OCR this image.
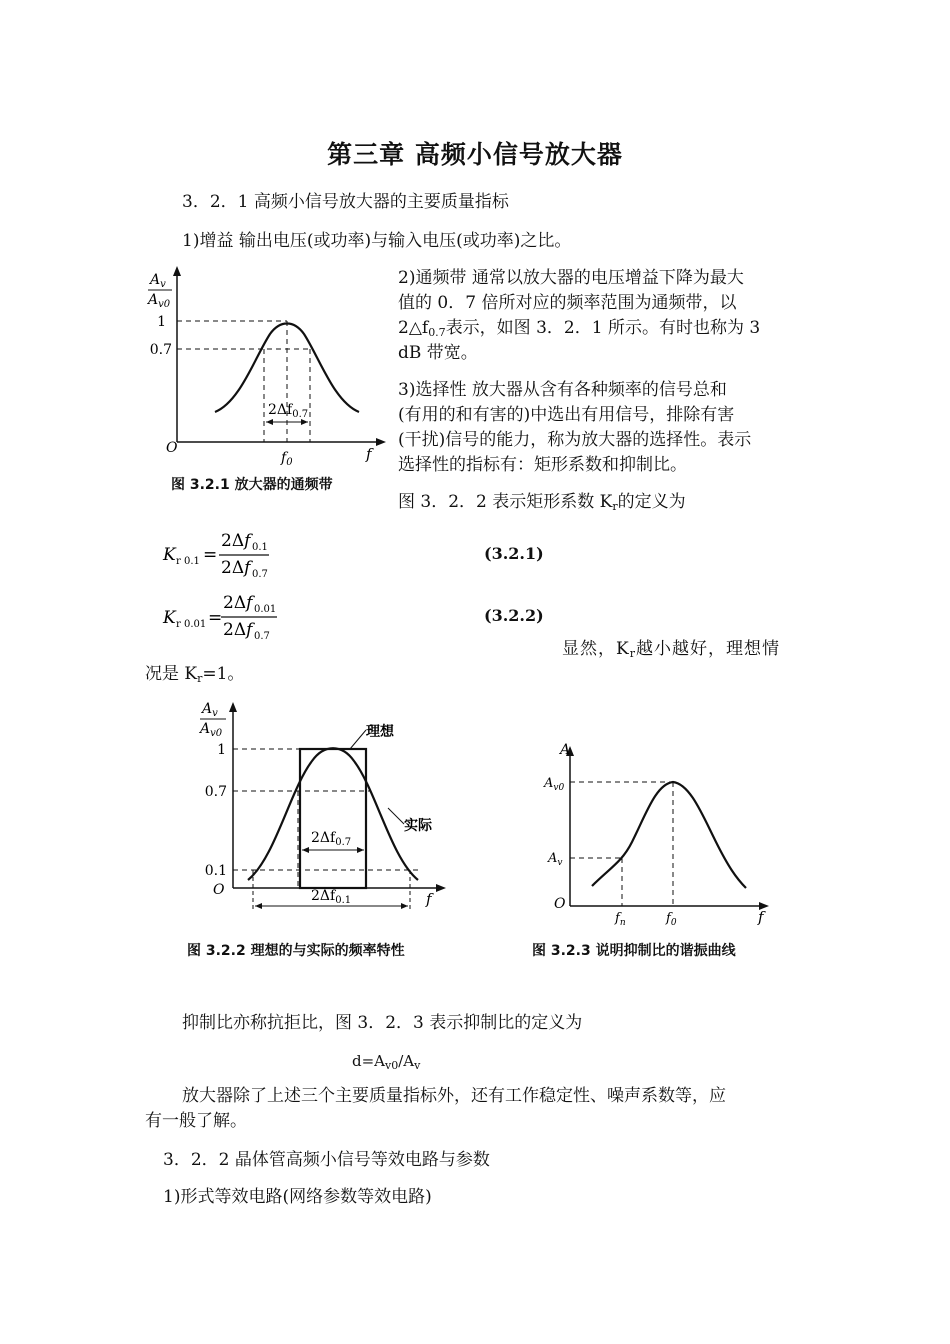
第三章 高频小信号放大器
3．2．1 高频小信号放大器的主要质量指标
1)增益 输出电压(或功率)与输入电压(或功率)之比。
$A_v$
$A_{v0}$
1
0.7
O	f
$f_0$
$2\Delta f_{0.7}$
图 3.2.1 放大器的通频带
2)通频带 通常以放大器的电压增益下降为最大
值的 0．7 倍所对应的频率范围为通频带，以
$2\triangle f_{0.7}$表示，如图 3．2．1 所示。有时也称为 3
dB 带宽。
3)选择性 放大器从含有各种频率的信号总和
(有用的和有害的)中选出有用信号，排除有害
(干扰)信号的能力，称为放大器的选择性。表示
选择性的指标有：矩形系数和抑制比。
图 3．2．2 表示矩形系数 $K_r$的定义为
K r 0.1 =
2Δf 0.1
2Δf 0.7
K r 0.01 =
2Δf 0.01
2Δf 0.7
(3.2.1)
(3.2.2)
显然，$K_r$越小越好，理想情
况是 $K_r=1$。
$A_v$
$A_{v0}$
1
0.7
0.1
O	f
理想
实际
$2\Delta f_{0.7}$
$2\Delta f_{0.1}$
图 3.2.2 理想的与实际的频率特性
A
$A_{v0}$
$A_v$
O
f
$f_n$	$f_0$
图 3.2.3 说明抑制比的谐振曲线
抑制比亦称抗拒比，图 3．2．3 表示抑制比的定义为
$d=A_{v0}/A_v$
放大器除了上述三个主要质量指标外，还有工作稳定性、噪声系数等，应
有一般了解。
3．2．2 晶体管高频小信号等效电路与参数
1)形式等效电路(网络参数等效电路)
